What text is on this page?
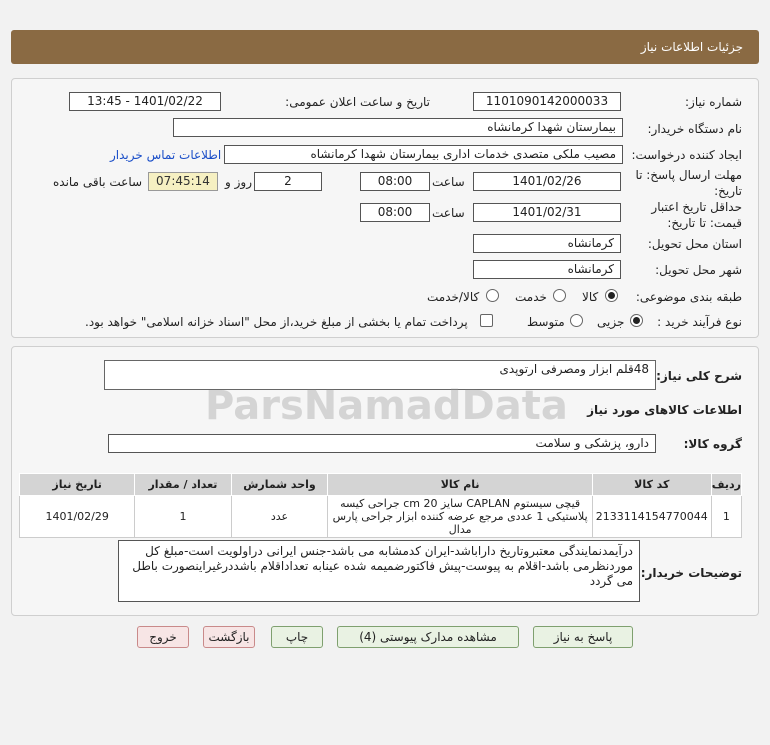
جزئیات اطلاعات نیاز
شماره نیاز:
1101090142000033
تاریخ و ساعت اعلان عمومی:
1401/02/22 - 13:45
نام دستگاه خریدار:
بیمارستان شهدا کرمانشاه
ایجاد کننده درخواست:
مصیب ملکی متصدی خدمات اداری بیمارستان شهدا کرمانشاه
اطلاعات تماس خریدار
مهلت ارسال پاسخ: تا
تاریخ:
1401/02/26
ساعت
08:00
2
روز و
07:45:14
ساعت باقی مانده
حداقل تاریخ اعتبار
قیمت: تا تاریخ:
1401/02/31
ساعت
08:00
استان محل تحویل:
کرمانشاه
شهر محل تحویل:
کرمانشاه
طبقه بندی موضوعی:
کالا
خدمت
کالا/خدمت
نوع فرآیند خرید :
جزیی
متوسط
پرداخت تمام یا بخشی از مبلغ خرید،از محل "اسناد خزانه اسلامی" خواهد بود.
شرح کلی نیاز:
48قلم ابزار ومصرفی ارتوپدی
اطلاعات کالاهای مورد نیاز
گروه کالا:
دارو، پزشکی و سلامت
ردیف	کد کالا	نام کالا	واحد شمارش	تعداد / مقدار	تاریخ نیاز
1	2133114154770044	قیچی سیستوم CAPLAN سایز cm 20 جراحی کیسه پلاستیکی 1 عددی مرجع عرضه کننده ابزار جراحی پارس مدال	عدد	1	1401/02/29
توضیحات خریدار:
درآیمدنمایندگی معتبروتاریخ داراباشد-ایران کدمشابه می باشد-جنس ایرانی دراولویت است-مبلغ کل موردنظرمی باشد-اقلام به پیوست-پیش فاکتورضمیمه شده عینابه تعداداقلام باشددرغیراینصورت باطل می گردد
پاسخ به نیاز
مشاهده مدارک پیوستی (4)
چاپ
بازگشت
خروج
ParsNamadData
